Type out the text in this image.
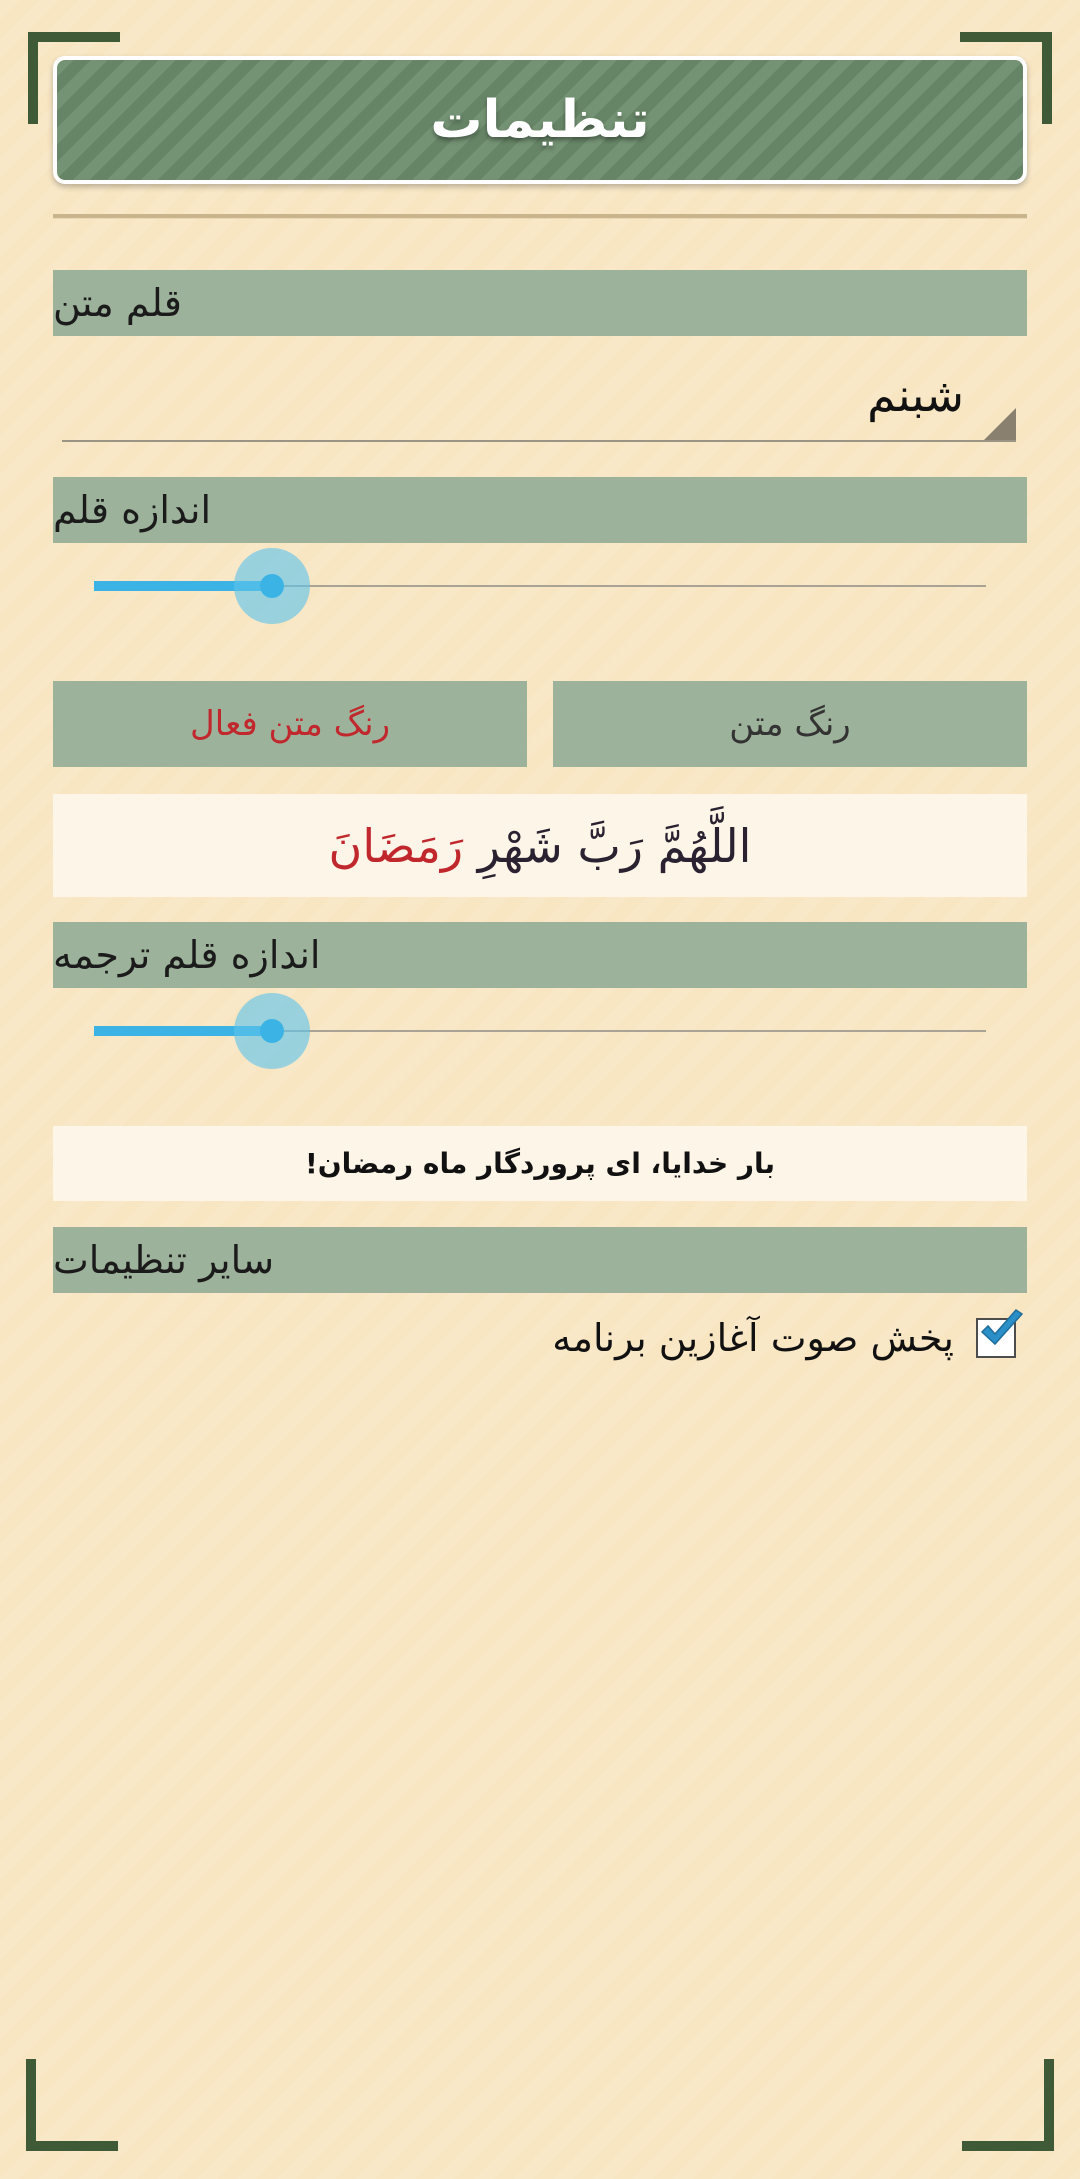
تنظیمات
قلم متن
شبنم
اندازه قلم
رنگ متن فعال	رنگ متن
اللَّهُمَّ رَبَّ شَهْرِ رَمَضَانَ
اندازه قلم ترجمه
بار خدایا، ای پروردگار ماه رمضان!
سایر تنظیمات
پخش صوت آغازین برنامه
